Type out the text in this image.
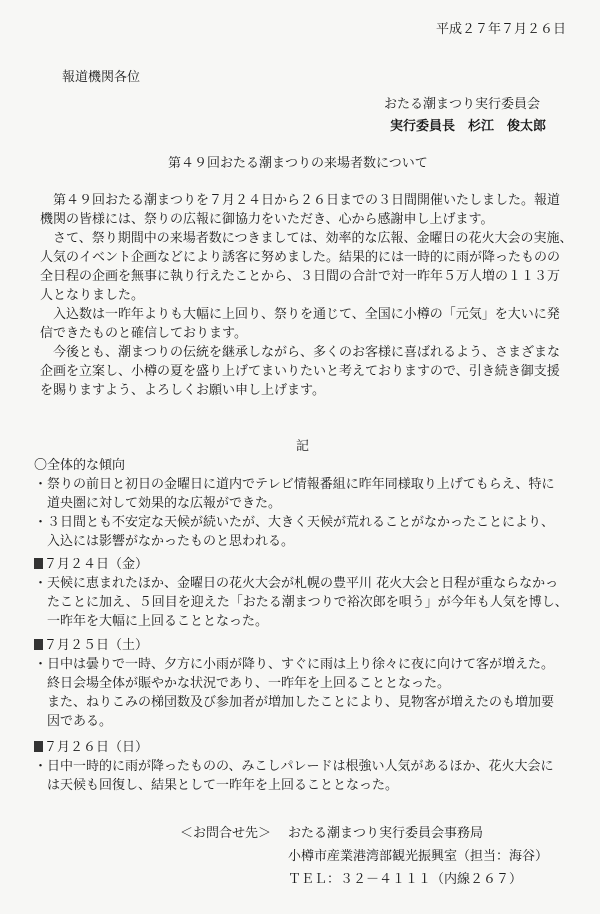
平成２７年７月２６日
報道機関各位
おたる潮まつり実行委員会
実行委員長　杉江　俊太郎
第４９回おたる潮まつりの来場者数について

　第４９回おたる潮まつりを７月２４日から２６日までの３日間開催いたしました。報道

機関の皆様には、祭りの広報に御協力をいただき、心から感謝申し上げます。

　さて、祭り期間中の来場者数につきましては、効率的な広報、金曜日の花火大会の実施、

人気のイベント企画などにより誘客に努めました。結果的には一時的に雨が降ったものの

全日程の企画を無事に執り行えたことから、３日間の合計で対一昨年５万人増の１１３万

人となりました。

　入込数は一昨年よりも大幅に上回り、祭りを通じて、全国に小樽の「元気」を大いに発

信できたものと確信しております。

　今後とも、潮まつりの伝統を継承しながら、多くのお客様に喜ばれるよう、さまざまな

企画を立案し、小樽の夏を盛り上げてまいりたいと考えておりますので、引き続き御支援

を賜りますよう、よろしくお願い申し上げます。

記

〇全体的な傾向

・祭りの前日と初日の金曜日に道内でテレビ情報番組に昨年同様取り上げてもらえ、特に

　道央圏に対して効果的な広報ができた。

・３日間とも不安定な天候が続いたが、大きく天候が荒れることがなかったことにより、

　入込には影響がなかったものと思われる。

７月２４日（金）

・天候に恵まれたほか、金曜日の花火大会が札幌の豊平川 花火大会と日程が重ならなかっ

　たことに加え、５回目を迎えた「おたる潮まつりで裕次郎を唄う」が今年も人気を博し、

　一昨年を大幅に上回ることとなった。

７月２５日（土）

・日中は曇りで一時、夕方に小雨が降り、すぐに雨は上り徐々に夜に向けて客が増えた。

　終日会場全体が賑やかな状況であり、一昨年を上回ることとなった。

　また、ねりこみの梯団数及び参加者が増加したことにより、見物客が増えたのも増加要

　因である。

７月２６日（日）

・日中一時的に雨が降ったものの、みこしパレードは根強い人気があるほか、花火大会に

　は天候も回復し、結果として一昨年を上回ることとなった。

＜お問合せ先＞ おたる潮まつり実行委員会事務局
小樽市産業港湾部観光振興室（担当：海谷）
ＴＥＬ：３２－４１１１（内線２６７）
